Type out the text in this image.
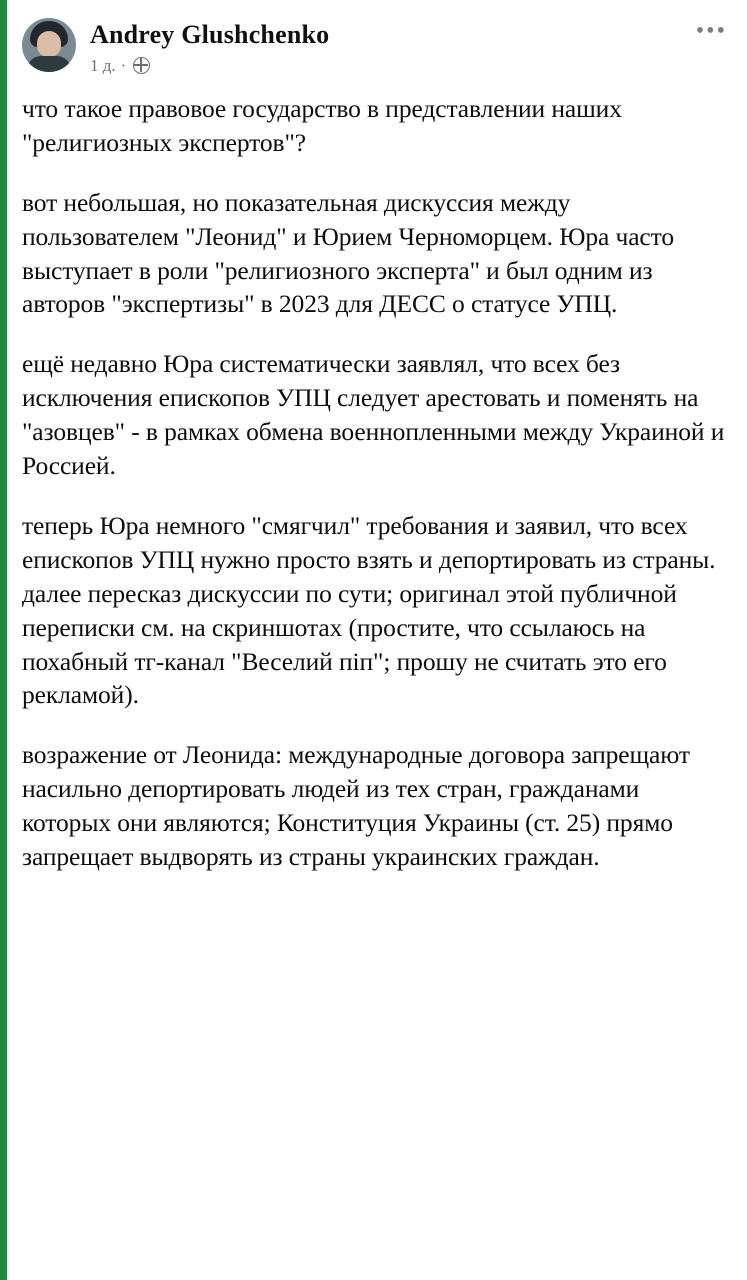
Andrey Glushchenko
1 д. ·
•••

что такое правовое государство в представлении наших "религиозных экспертов"?

вот небольшая, но показательная дискуссия между пользователем "Леонид" и Юрием Черноморцем. Юра часто выступает в роли "религиозного эксперта" и был одним из авторов "экспертизы" в 2023 для ДЕСС о статусе УПЦ.

ещё недавно Юра систематически заявлял, что всех без исключения епископов УПЦ следует арестовать и поменять на "азовцев" - в рамках обмена военнопленными между Украиной и Россией.

теперь Юра немного "смягчил" требования и заявил, что всех епископов УПЦ нужно просто взять и депортировать из страны. далее пересказ дискуссии по сути; оригинал этой публичной переписки см. на скриншотах (простите, что ссылаюсь на похабный тг-канал "Веселий піп"; прошу не считать это его рекламой).

возражение от Леонида: международные договора запрещают насильно депортировать людей из тех стран, гражданами которых они являются; Конституция Украины (ст. 25) прямо запрещает выдворять из страны украинских граждан.
